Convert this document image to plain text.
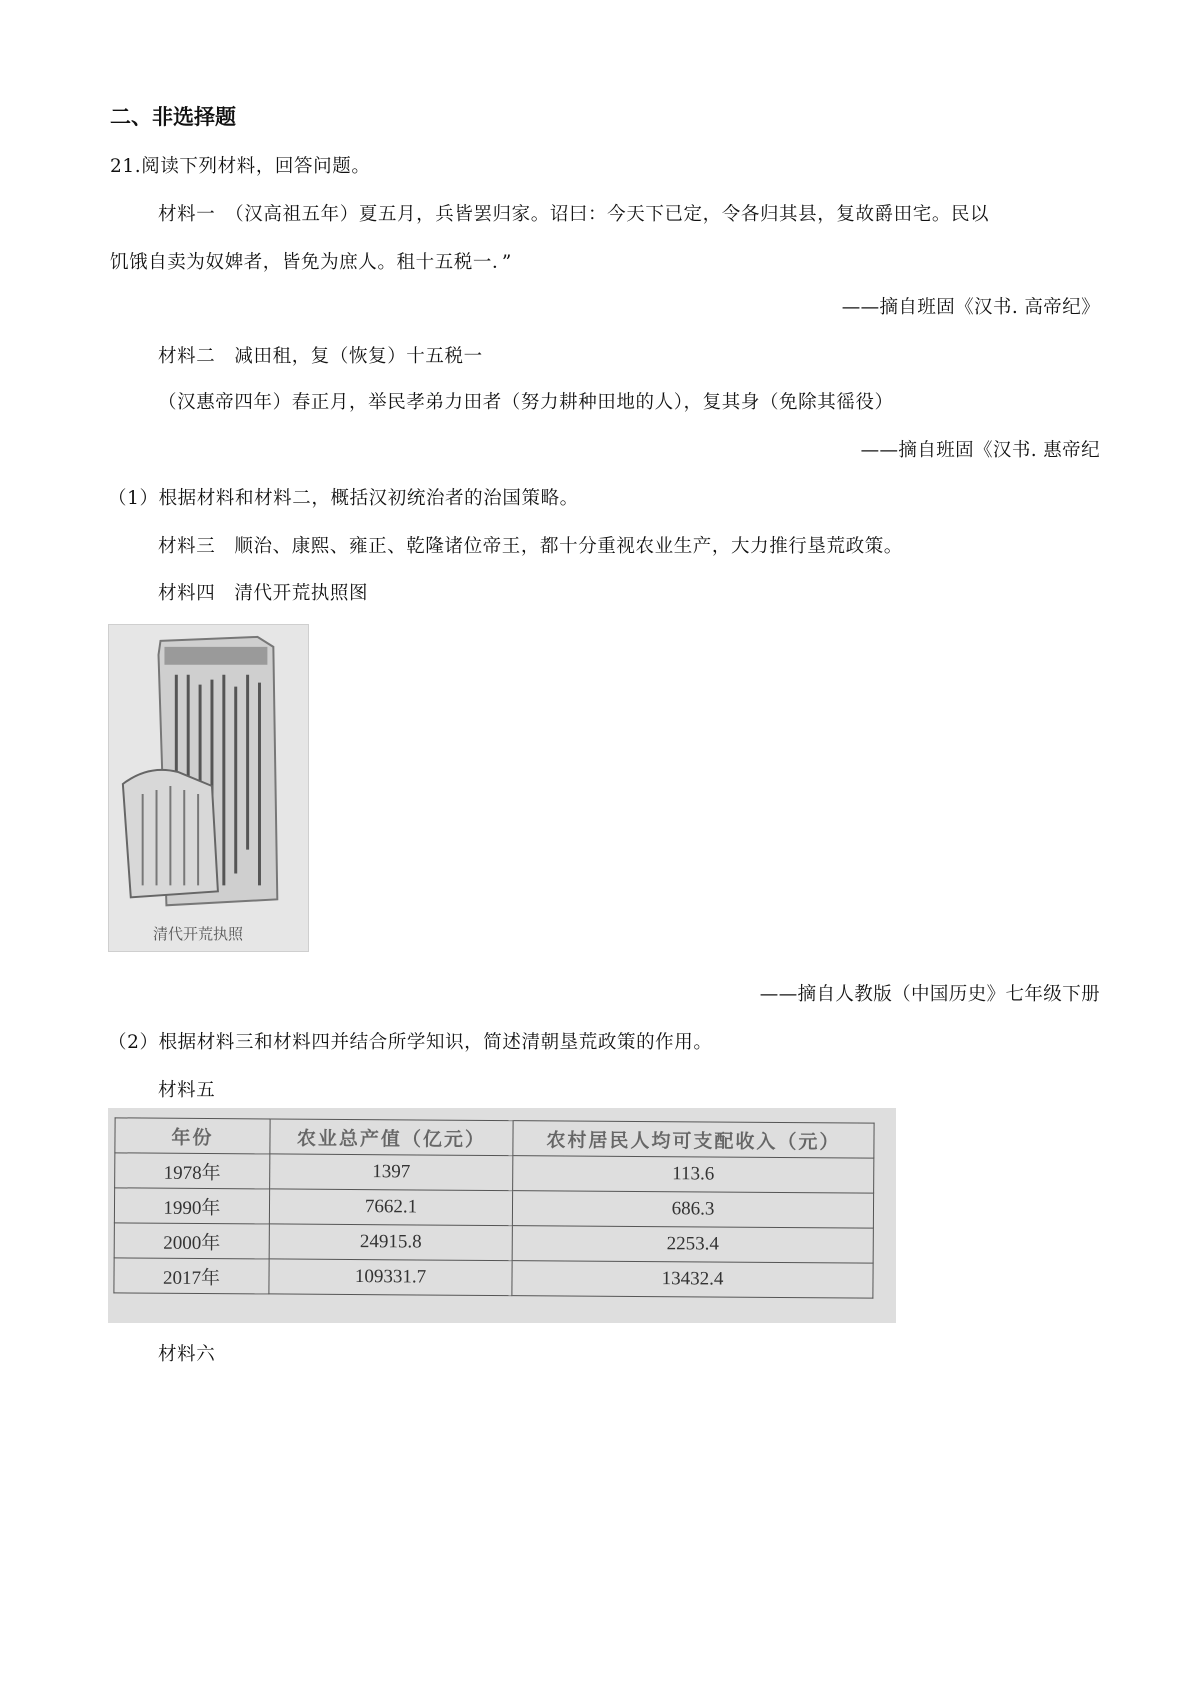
二、非选择题
21.阅读下列材料，回答问题。
材料一　（汉高祖五年）夏五月，兵皆罢归家。诏曰：今天下已定，令各归其县，复故爵田宅。民以
饥饿自卖为奴婢者，皆免为庶人。租十五税一．”
——摘自班固《汉书. 高帝纪》
材料二　减田租，复（恢复）十五税一
（汉惠帝四年）春正月，举民孝弟力田者（努力耕种田地的人），复其身（免除其徭役）
——摘自班固《汉书. 惠帝纪
（1）根据材料和材料二，概括汉初统治者的治国策略。
材料三　顺治、康熙、雍正、乾隆诸位帝王，都十分重视农业生产，大力推行垦荒政策。
材料四　清代开荒执照图
清代开荒执照
——摘自人教版（中国历史》七年级下册
（2）根据材料三和材料四并结合所学知识，简述清朝垦荒政策的作用。
材料五
年份	农业总产值（亿元）	农村居民人均可支配收入（元）
1978年	1397	113.6
1990年	7662.1	686.3
2000年	24915.8	2253.4
2017年	109331.7	13432.4
材料六
